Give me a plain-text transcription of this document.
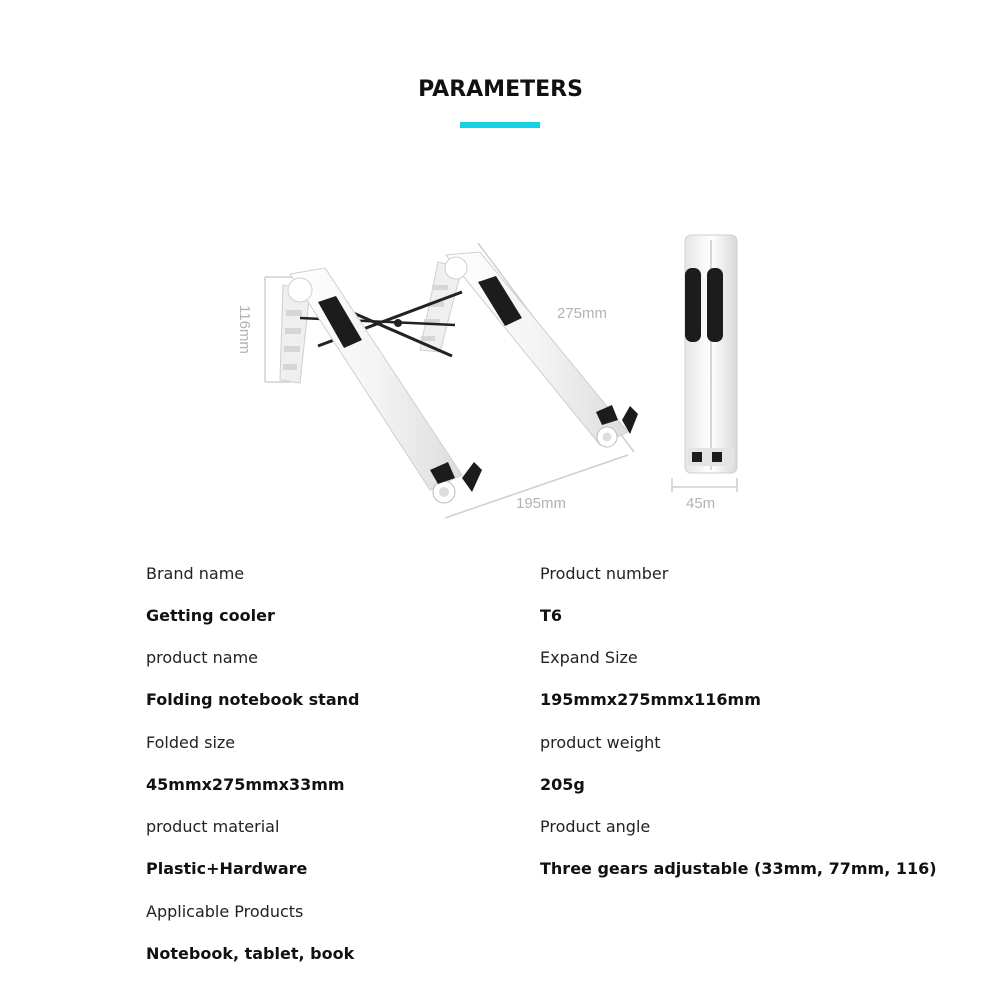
PARAMETERS
116mm	275mm
195mm	45m
Brand name
Getting cooler
product name
Folding notebook stand
Folded size
45mmx275mmx33mm
product material
Plastic+Hardware
Applicable Products
Notebook, tablet, book
Product number
T6
Expand Size
195mmx275mmx116mm
product weight
205g
Product angle
Three gears adjustable (33mm, 77mm, 116)
